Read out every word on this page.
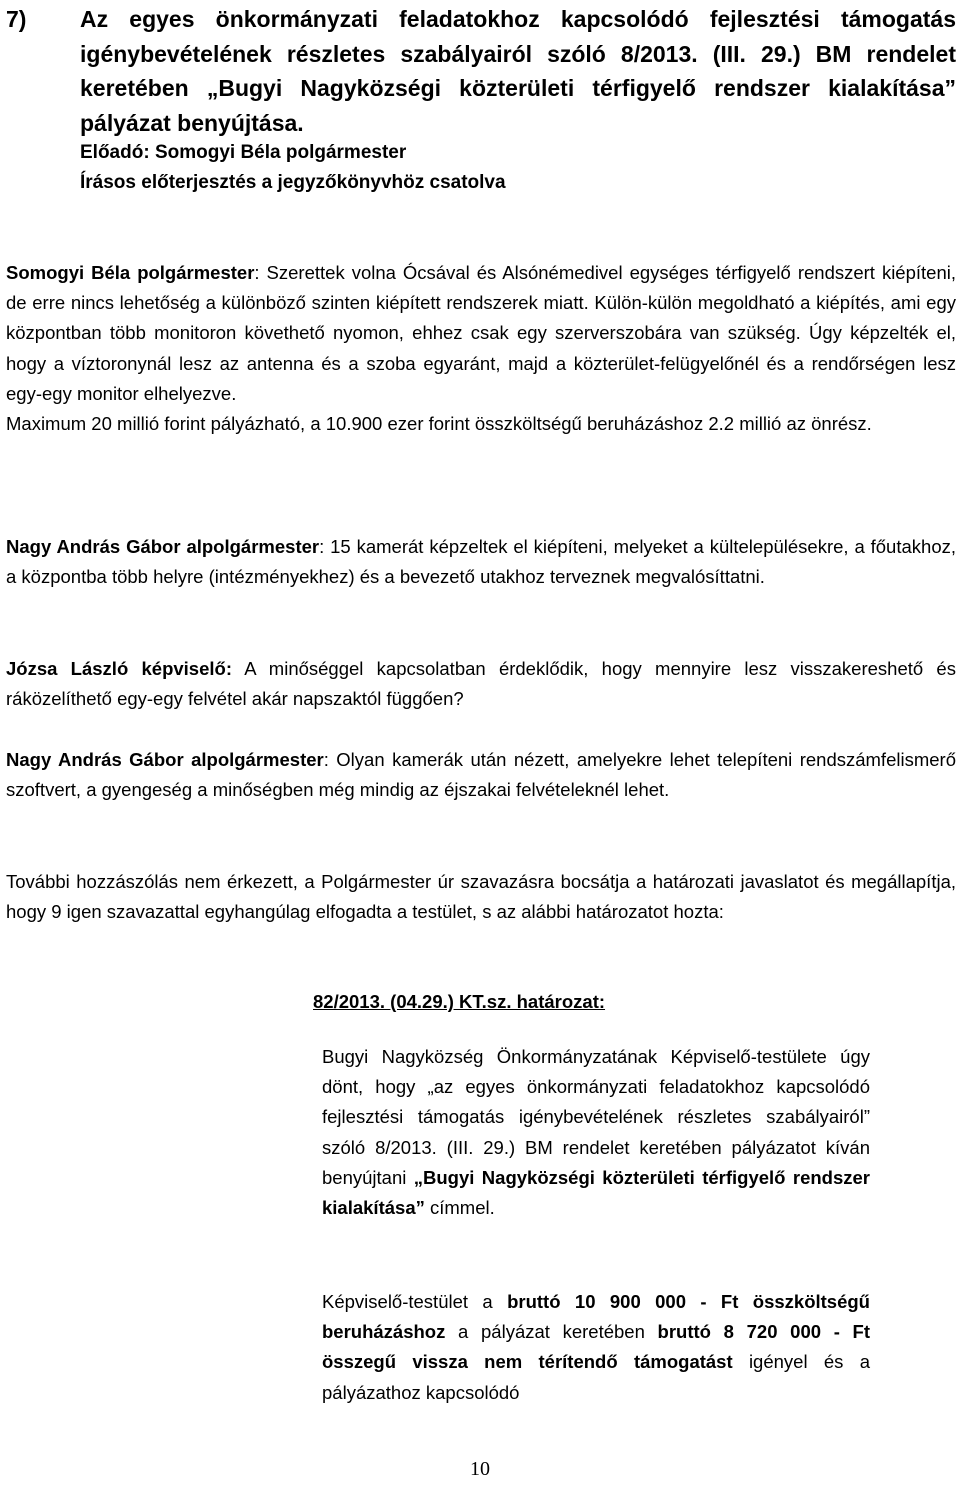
7) Az egyes önkormányzati feladatokhoz kapcsolódó fejlesztési támogatás igénybevételének részletes szabályairól szóló 8/2013. (III. 29.) BM rendelet keretében „Bugyi Nagyközségi közterületi térfigyelő rendszer kialakítása” pályázat benyújtása.
Előadó: Somogyi Béla polgármester
Írásos előterjesztés a jegyzőkönyvhöz csatolva
Somogyi Béla polgármester: Szerettek volna Ócsával és Alsónémedivel egységes térfigyelő rendszert kiépíteni, de erre nincs lehetőség a különböző szinten kiépített rendszerek miatt. Külön-külön megoldható a kiépítés, ami egy központban több monitoron követhető nyomon, ehhez csak egy szerverszobára van szükség. Úgy képzelték el, hogy a víztoronynál lesz az antenna és a szoba egyaránt, majd a közterület-felügyelőnél és a rendőrségen lesz egy-egy monitor elhelyezve.
Maximum 20 millió forint pályázható, a 10.900 ezer forint összköltségű beruházáshoz 2.2 millió az önrész.
Nagy András Gábor alpolgármester: 15 kamerát képzeltek el kiépíteni, melyeket a kültelepülésekre, a főutakhoz, a központba több helyre (intézményekhez) és a bevezető utakhoz terveznek megvalósíttatni.
Józsa László képviselő: A minőséggel kapcsolatban érdeklődik, hogy mennyire lesz visszakereshető és ráközelíthető egy-egy felvétel akár napszaktól függően?
Nagy András Gábor alpolgármester: Olyan kamerák után nézett, amelyekre lehet telepíteni rendszámfelismerő szoftvert, a gyengeség a minőségben még mindig az éjszakai felvételeknél lehet.
További hozzászólás nem érkezett, a Polgármester úr szavazásra bocsátja a határozati javaslatot és megállapítja, hogy 9 igen szavazattal egyhangúlag elfogadta a testület, s az alábbi határozatot hozta:
82/2013. (04.29.) KT.sz. határozat:
Bugyi Nagyközség Önkormányzatának Képviselő-testülete úgy dönt, hogy „az egyes önkormányzati feladatokhoz kapcsolódó fejlesztési támogatás igénybevételének részletes szabályairól” szóló 8/2013. (III. 29.) BM rendelet keretében pályázatot kíván benyújtani „Bugyi Nagyközségi közterületi térfigyelő rendszer kialakítása” címmel.
Képviselő-testület a bruttó 10 900 000 - Ft összköltségű beruházáshoz a pályázat keretében bruttó 8 720 000 - Ft összegű vissza nem térítendő támogatást igényel és a pályázathoz kapcsolódó
10
